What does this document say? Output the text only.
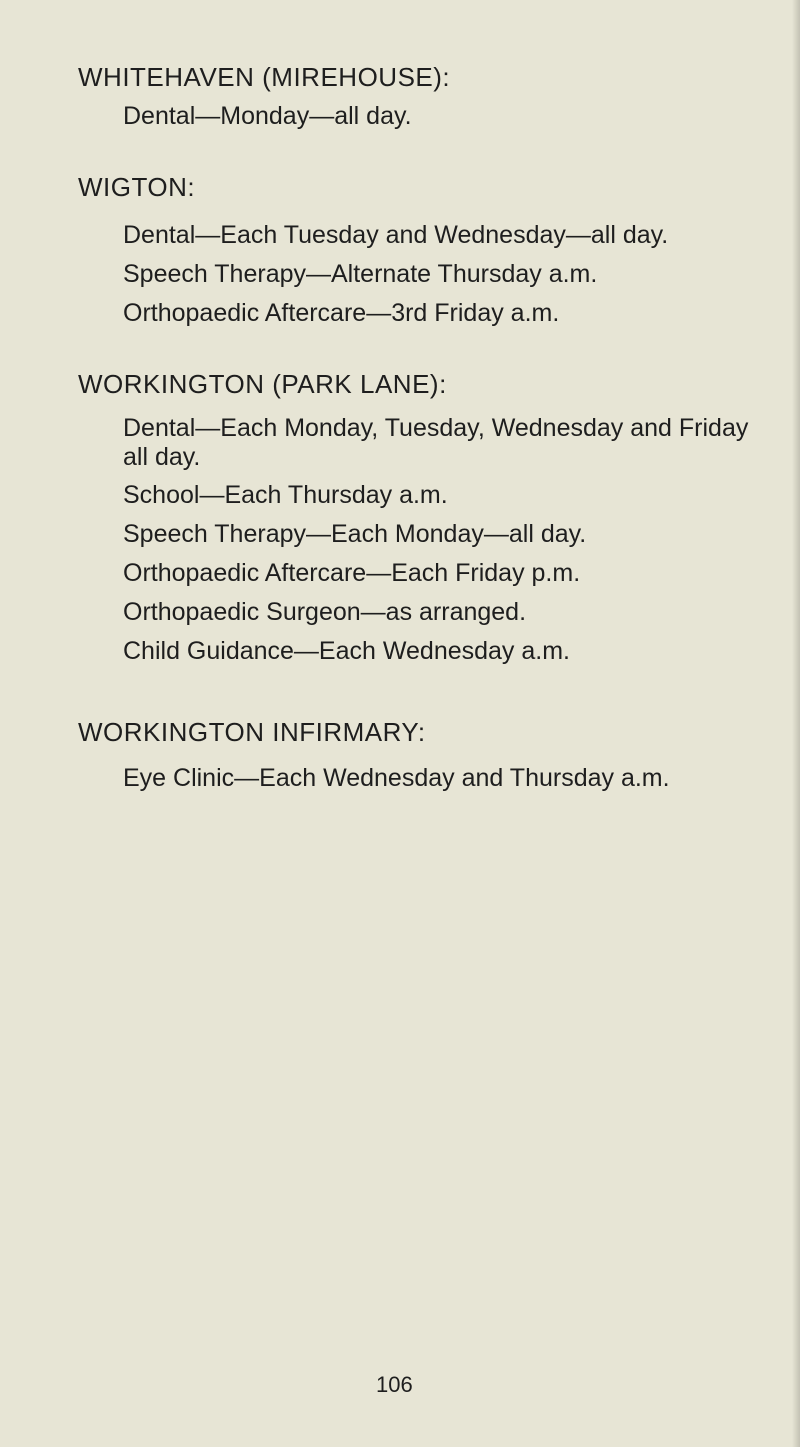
WHITEHAVEN (MIREHOUSE):
Dental—Monday—all day.
WIGTON:
Dental—Each Tuesday and Wednesday—all day.
Speech Therapy—Alternate Thursday a.m.
Orthopaedic Aftercare—3rd Friday a.m.
WORKINGTON (PARK LANE):
Dental—Each Monday, Tuesday, Wednesday and Friday all day.
School—Each Thursday a.m.
Speech Therapy—Each Monday—all day.
Orthopaedic Aftercare—Each Friday p.m.
Orthopaedic Surgeon—as arranged.
Child Guidance—Each Wednesday a.m.
WORKINGTON INFIRMARY:
Eye Clinic—Each Wednesday and Thursday a.m.
106
